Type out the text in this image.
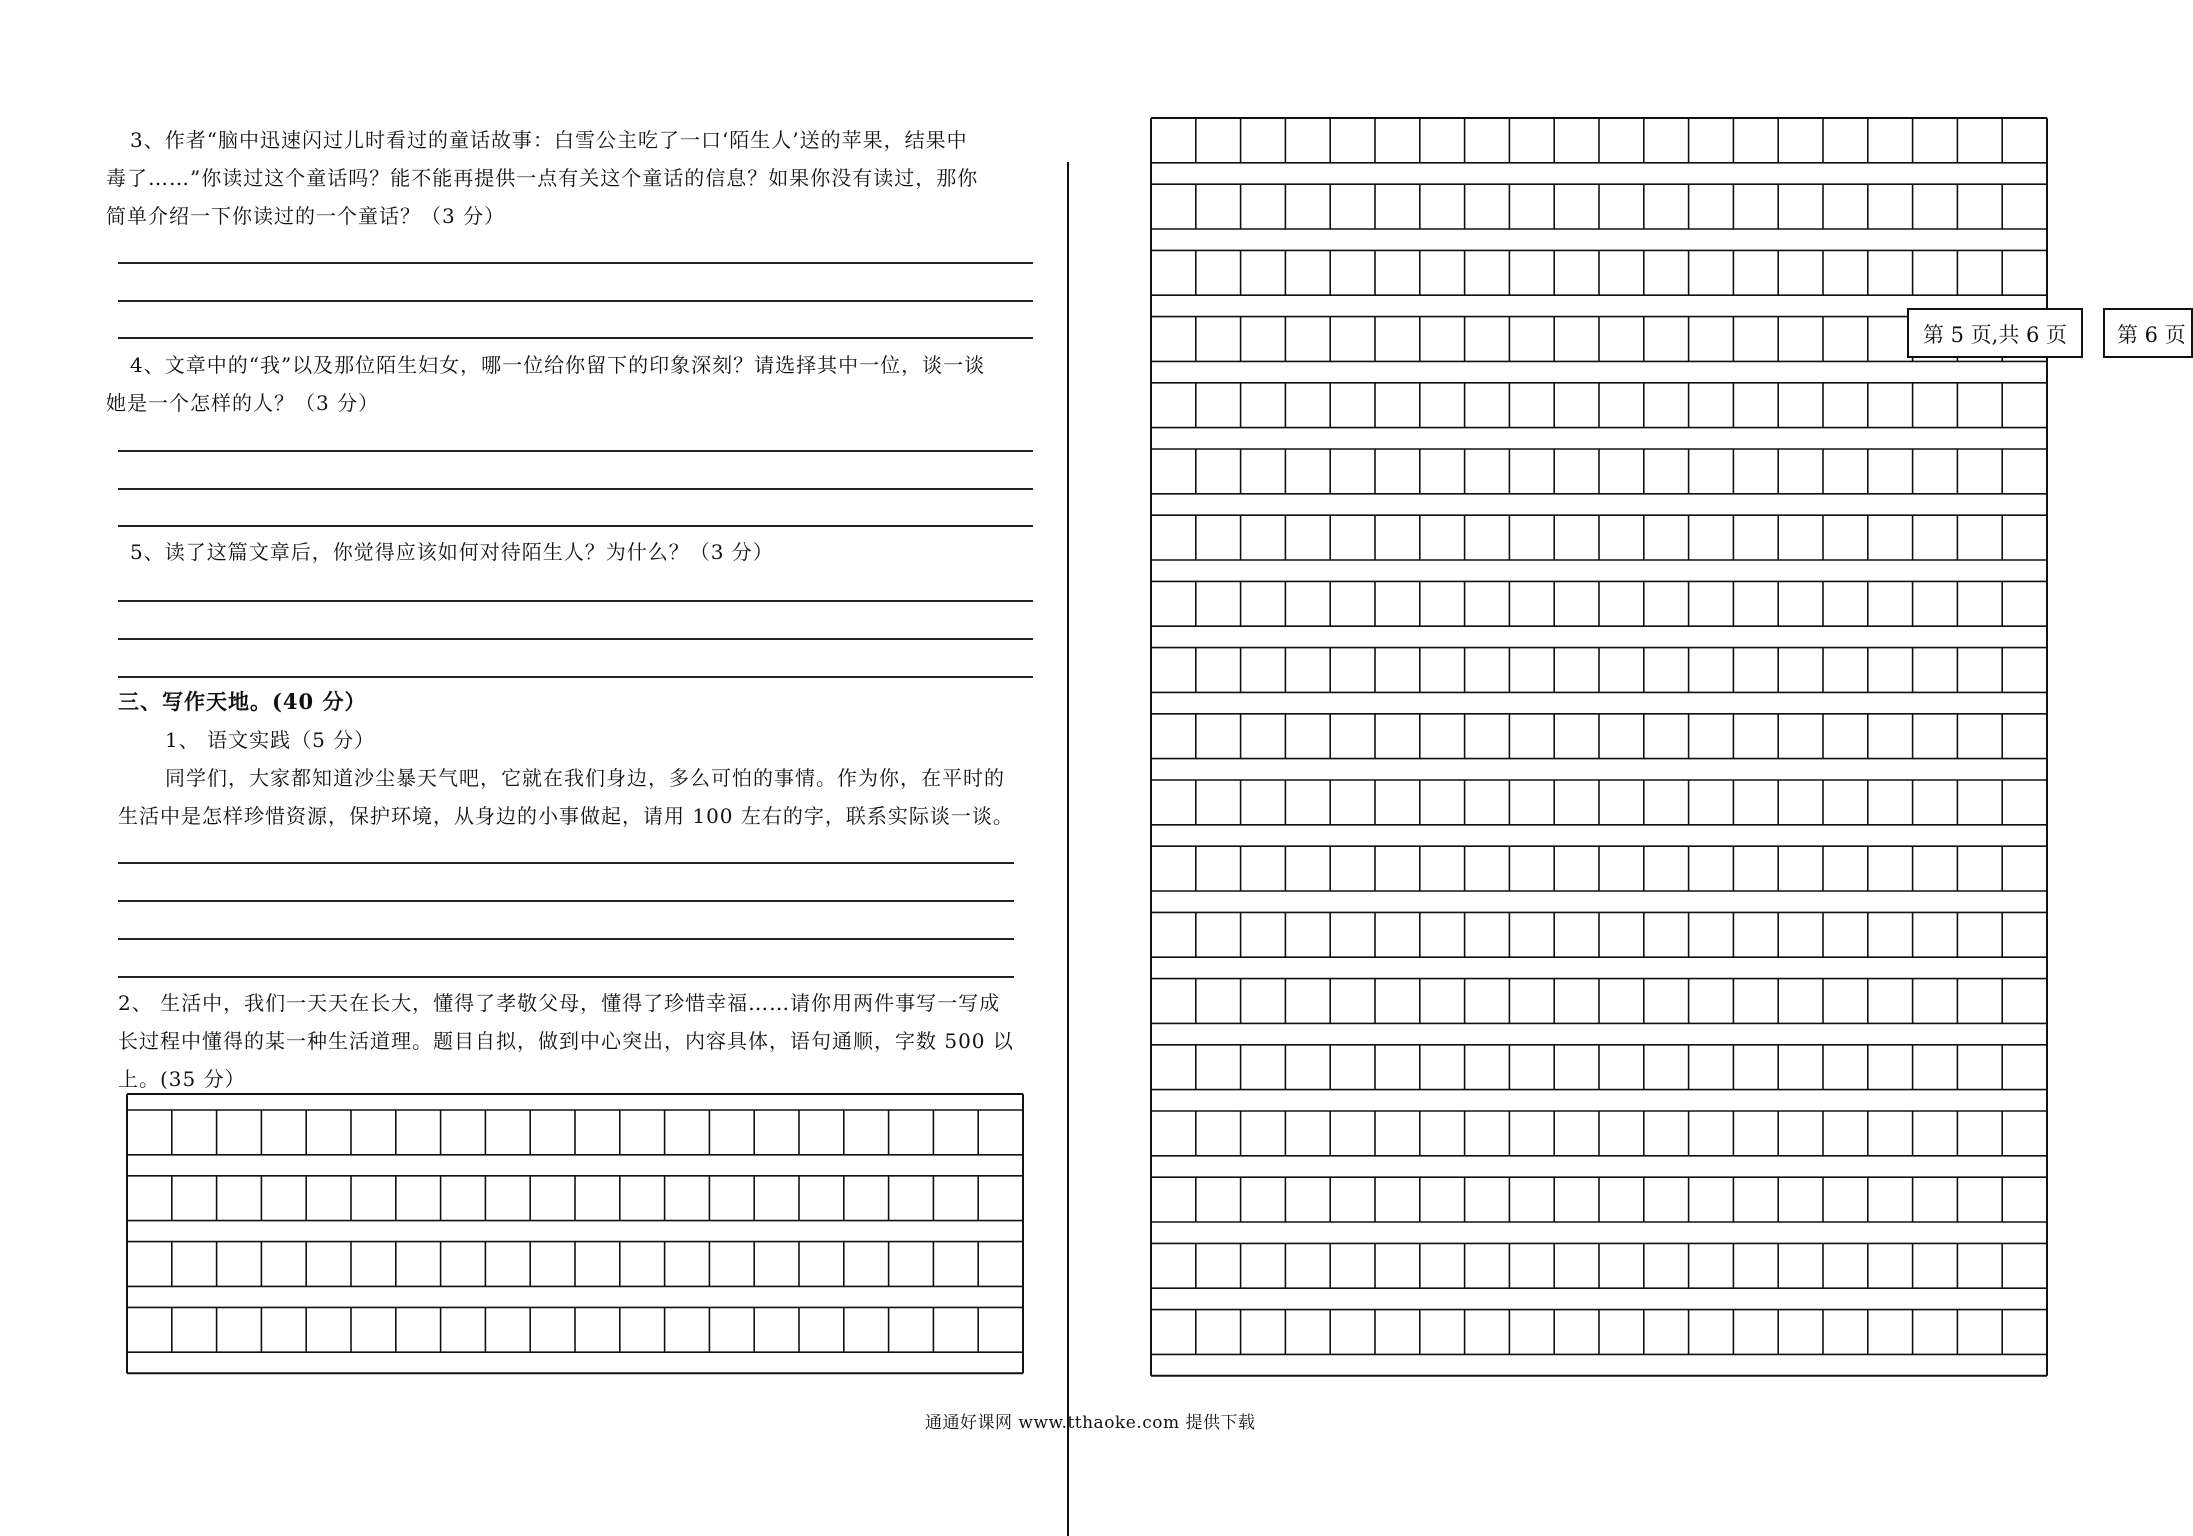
3、作者“脑中迅速闪过儿时看过的童话故事：白雪公主吃了一口‘陌生人’送的苹果，结果中
毒了……”你读过这个童话吗？能不能再提供一点有关这个童话的信息？如果你没有读过，那你
简单介绍一下你读过的一个童话？（3 分）
4、文章中的“我”以及那位陌生妇女，哪一位给你留下的印象深刻？请选择其中一位，谈一谈
她是一个怎样的人？（3 分）
5、读了这篇文章后，你觉得应该如何对待陌生人？为什么？（3 分）
三、写作天地。(40 分）
1、 语文实践（5 分）
同学们，大家都知道沙尘暴天气吧，它就在我们身边，多么可怕的事情。作为你，在平时的
生活中是怎样珍惜资源，保护环境，从身边的小事做起，请用 100 左右的字，联系实际谈一谈。
2、 生活中，我们一天天在长大，懂得了孝敬父母，懂得了珍惜幸福……请你用两件事写一写成
长过程中懂得的某一种生活道理。题目自拟，做到中心突出，内容具体，语句通顺，字数 500 以
上。(35 分）
第 5 页,共 6 页	第 6 页
通通好课网 www.tthaoke.com 提供下载
